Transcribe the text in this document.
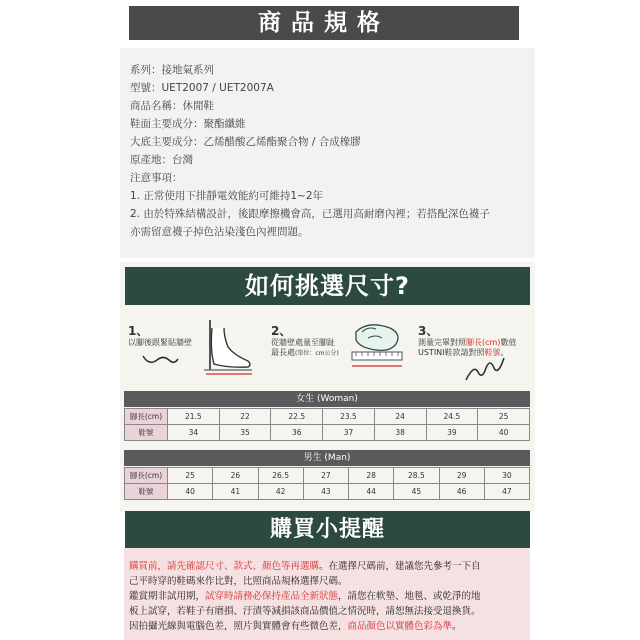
商品規格
系列：接地氣系列
型號：UET2007 / UET2007A
商品名稱：休閒鞋
鞋面主要成分：聚酯纖維
大底主要成分：乙烯醋酸乙烯酯聚合物 / 合成橡膠
原產地：台灣
注意事項：
1. 正常使用下排靜電效能約可維持1~2年
2. 由於特殊結構設計，後跟摩擦機會高，已選用高耐磨內裡；若搭配深色襪子
亦需留意襪子掉色沾染淺色內裡問題。
如何挑選尺寸?
1、
以腳後跟緊貼牆壁
2、
從牆壁處量至腳趾
最長處(單位：cm公分)
3、
測量完畢對照腳長(cm)數值
USTINI鞋款請對照鞋號。
女生 (Woman)
腳長(cm)	21.5	22	22.5	23.5	24	24.5	25
鞋號	34	35	36	37	38	39	40
男生 (Man)
腳長(cm)	25	26	26.5	27	28	28.5	29	30
鞋號	40	41	42	43	44	45	46	47
購買小提醒
購買前，請先確認尺寸、款式、顏色等再選購。在選擇尺碼前，建議您先參考一下自
己平時穿的鞋碼來作比對，比照商品規格選擇尺碼。
鑑賞期非試用期，試穿時請務必保持產品全新狀態，請您在軟墊、地毯、或乾淨的地
板上試穿，若鞋子有磨損、汙漬等減損該商品價值之情況時，請恕無法接受退換貨。
因拍攝光線與電腦色差，照片與實體會有些微色差，商品顏色以實體色彩為準。
